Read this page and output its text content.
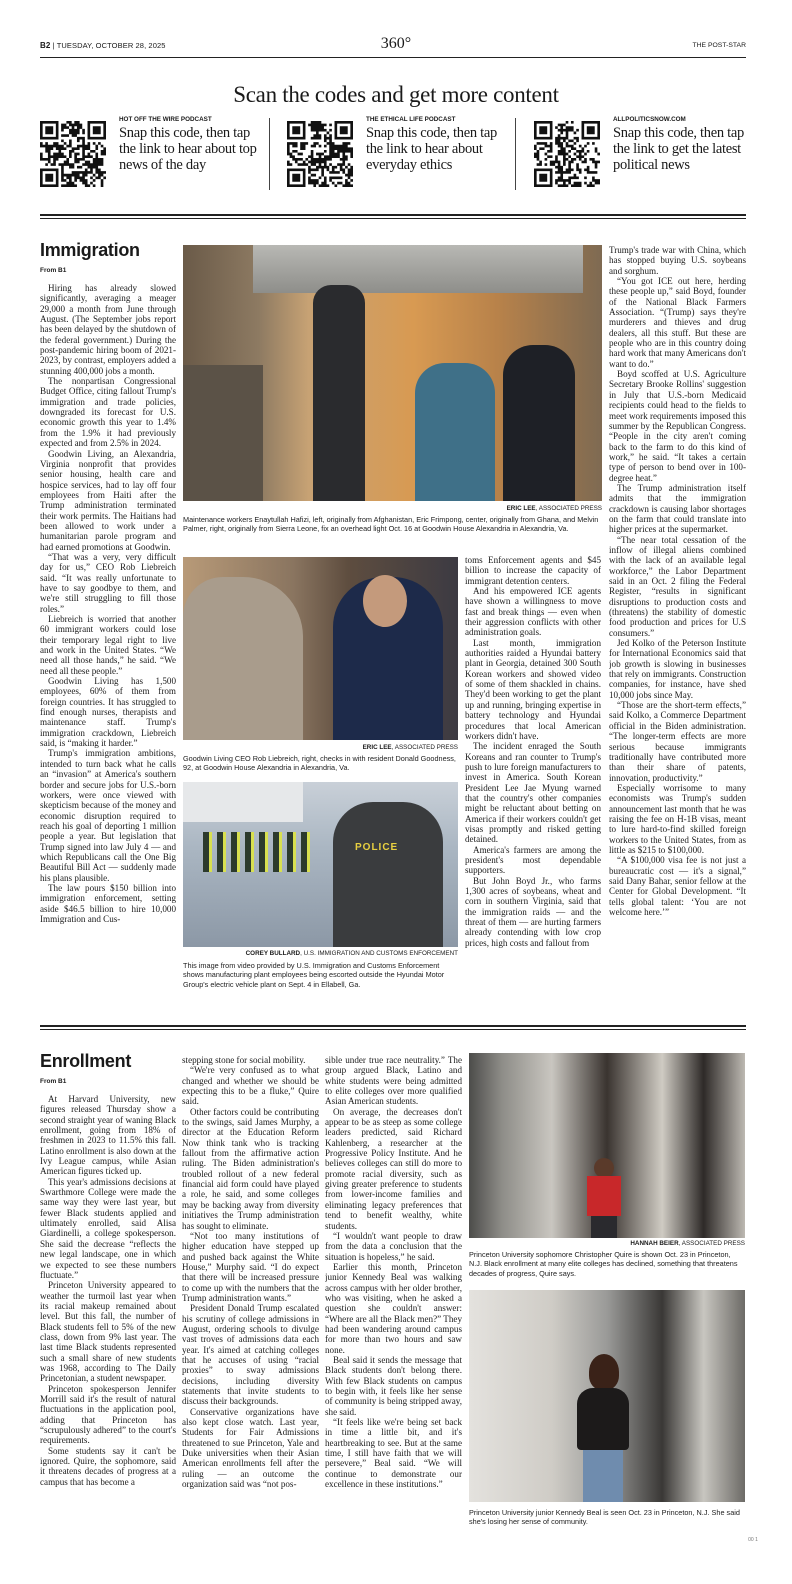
B2 | TUESDAY, OCTOBER 28, 2025	360°	THE POST-STAR
Scan the codes and get more content
HOT OFF THE WIRE PODCAST
Snap this code, then tap the link to hear about top news of the day
THE ETHICAL LIFE PODCAST
Snap this code, then tap the link to hear about everyday ethics
ALLPOLITICSNOW.COM
Snap this code, then tap the link to get the latest political news
Immigration
From B1

Hiring has already slowed significantly, averaging a meager 29,000 a month from June through August. (The September jobs report has been delayed by the shutdown of the federal government.) During the post-pandemic hiring boom of 2021-2023, by contrast, employers added a stunning 400,000 jobs a month.

The nonpartisan Congressional Budget Office, citing fallout Trump's immigration and trade policies, downgraded its forecast for U.S. economic growth this year to 1.4% from the 1.9% it had previously expected and from 2.5% in 2024.

Goodwin Living, an Alexandria, Virginia nonprofit that provides senior housing, health care and hospice services, had to lay off four employees from Haiti after the Trump administration terminated their work permits. The Haitians had been allowed to work under a humanitarian parole program and had earned promotions at Goodwin.

“That was a very, very difficult day for us,” CEO Rob Liebreich said. “It was really unfortunate to have to say goodbye to them, and we're still struggling to fill those roles.”

Liebreich is worried that another 60 immigrant workers could lose their temporary legal right to live and work in the United States. “We need all those hands,” he said. “We need all these people.”

Goodwin Living has 1,500 employees, 60% of them from foreign countries. It has struggled to find enough nurses, therapists and maintenance staff. Trump's immigration crackdown, Liebreich said, is “making it harder.”

Trump's immigration ambitions, intended to turn back what he calls an “invasion” at America's southern border and secure jobs for U.S.-born workers, were once viewed with skepticism because of the money and economic disruption required to reach his goal of deporting 1 million people a year. But legislation that Trump signed into law July 4 — and which Republicans call the One Big Beautiful Bill Act — suddenly made his plans plausible.

The law pours $150 billion into immigration enforcement, setting aside $46.5 billion to hire 10,000 Immigration and Cus-

ERIC LEE, ASSOCIATED PRESS
Maintenance workers Enaytullah Hafizi, left, originally from Afghanistan, Eric Frimpong, center, originally from Ghana, and Melvin Palmer, right, originally from Sierra Leone, fix an overhead light Oct. 16 at Goodwin House Alexandria in Alexandria, Va.
ERIC LEE, ASSOCIATED PRESS
Goodwin Living CEO Rob Liebreich, right, checks in with resident Donald Goodness, 92, at Goodwin House Alexandria in Alexandria, Va.
POLICE
COREY BULLARD, U.S. IMMIGRATION AND CUSTOMS ENFORCEMENT
This image from video provided by U.S. Immigration and Customs Enforcement shows manufacturing plant employees being escorted outside the Hyundai Motor Group's electric vehicle plant on Sept. 4 in Ellabell, Ga.

toms Enforcement agents and $45 billion to increase the capacity of immigrant detention centers.

And his empowered ICE agents have shown a willingness to move fast and break things — even when their aggression conflicts with other administration goals.

Last month, immigration authorities raided a Hyundai battery plant in Georgia, detained 300 South Korean workers and showed video of some of them shackled in chains. They'd been working to get the plant up and running, bringing expertise in battery technology and Hyundai procedures that local American workers didn't have.

The incident enraged the South Koreans and ran counter to Trump's push to lure foreign manufacturers to invest in America. South Korean President Lee Jae Myung warned that the country's other companies might be reluctant about betting on America if their workers couldn't get visas promptly and risked getting detained.

America's farmers are among the president's most dependable supporters.

But John Boyd Jr., who farms 1,300 acres of soybeans, wheat and corn in southern Virginia, said that the immigration raids — and the threat of them — are hurting farmers already contending with low crop prices, high costs and fallout from

Trump's trade war with China, which has stopped buying U.S. soybeans and sorghum.

“You got ICE out here, herding these people up,” said Boyd, founder of the National Black Farmers Association. “(Trump) says they're murderers and thieves and drug dealers, all this stuff. But these are people who are in this country doing hard work that many Americans don't want to do.”

Boyd scoffed at U.S. Agriculture Secretary Brooke Rollins' suggestion in July that U.S.-born Medicaid recipients could head to the fields to meet work requirements imposed this summer by the Republican Congress. “People in the city aren't coming back to the farm to do this kind of work,” he said. “It takes a certain type of person to bend over in 100-degree heat.”

The Trump administration itself admits that the immigration crackdown is causing labor shortages on the farm that could translate into higher prices at the supermarket.

“The near total cessation of the inflow of illegal aliens combined with the lack of an available legal workforce,” the Labor Department said in an Oct. 2 filing the Federal Register, “results in significant disruptions to production costs and (threatens) the stability of domestic food production and prices for U.S consumers.”

Jed Kolko of the Peterson Institute for International Economics said that job growth is slowing in businesses that rely on immigrants. Construction companies, for instance, have shed 10,000 jobs since May.

“Those are the short-term effects,” said Kolko, a Commerce Department official in the Biden administration. “The longer-term effects are more serious because immigrants traditionally have contributed more than their share of patents, innovation, productivity.”

Especially worrisome to many economists was Trump's sudden announcement last month that he was raising the fee on H-1B visas, meant to lure hard-to-find skilled foreign workers to the United States, from as little as $215 to $100,000.

“A $100,000 visa fee is not just a bureaucratic cost — it's a signal,” said Dany Bahar, senior fellow at the Center for Global Development. “It tells global talent: ‘You are not welcome here.’”

Enrollment
From B1

At Harvard University, new figures released Thursday show a second straight year of waning Black enrollment, going from 18% of freshmen in 2023 to 11.5% this fall. Latino enrollment is also down at the Ivy League campus, while Asian American figures ticked up.

This year's admissions decisions at Swarthmore College were made the same way they were last year, but fewer Black students applied and ultimately enrolled, said Alisa Giardinelli, a college spokesperson. She said the decrease “reflects the new legal landscape, one in which we expected to see these numbers fluctuate.”

Princeton University appeared to weather the turmoil last year when its racial makeup remained about level. But this fall, the number of Black students fell to 5% of the new class, down from 9% last year. The last time Black students represented such a small share of new students was 1968, according to The Daily Princetonian, a student newspaper.

Princeton spokesperson Jennifer Morrill said it's the result of natural fluctuations in the application pool, adding that Princeton has “scrupulously adhered” to the court's requirements.

Some students say it can't be ignored. Quire, the sophomore, said it threatens decades of progress at a campus that has become a

stepping stone for social mobility.

“We're very confused as to what changed and whether we should be expecting this to be a fluke,” Quire said.

Other factors could be contributing to the swings, said James Murphy, a director at the Education Reform Now think tank who is tracking fallout from the affirmative action ruling. The Biden administration's troubled rollout of a new federal financial aid form could have played a role, he said, and some colleges may be backing away from diversity initiatives the Trump administration has sought to eliminate.

“Not too many institutions of higher education have stepped up and pushed back against the White House,” Murphy said. “I do expect that there will be increased pressure to come up with the numbers that the Trump administration wants.”

President Donald Trump escalated his scrutiny of college admissions in August, ordering schools to divulge vast troves of admissions data each year. It's aimed at catching colleges that he accuses of using “racial proxies” to sway admissions decisions, including diversity statements that invite students to discuss their backgrounds.

Conservative organizations have also kept close watch. Last year, Students for Fair Admissions threatened to sue Princeton, Yale and Duke universities when their Asian American enrollments fell after the ruling — an outcome the organization said was “not pos-

sible under true race neutrality.” The group argued Black, Latino and white students were being admitted to elite colleges over more qualified Asian American students.

On average, the decreases don't appear to be as steep as some college leaders predicted, said Richard Kahlenberg, a researcher at the Progressive Policy Institute. And he believes colleges can still do more to promote racial diversity, such as giving greater preference to students from lower-income families and eliminating legacy preferences that tend to benefit wealthy, white students.

“I wouldn't want people to draw from the data a conclusion that the situation is hopeless,” he said.

Earlier this month, Princeton junior Kennedy Beal was walking across campus with her older brother, who was visiting, when he asked a question she couldn't answer: “Where are all the Black men?” They had been wandering around campus for more than two hours and saw none.

Beal said it sends the message that Black students don't belong there. With few Black students on campus to begin with, it feels like her sense of community is being stripped away, she said.

“It feels like we're being set back in time a little bit, and it's heartbreaking to see. But at the same time, I still have faith that we will persevere,” Beal said. “We will continue to demonstrate our excellence in these institutions.”

HANNAH BEIER, ASSOCIATED PRESS
Princeton University sophomore Christopher Quire is shown Oct. 23 in Princeton, N.J. Black enrollment at many elite colleges has declined, something that threatens decades of progress, Quire says.
Princeton University junior Kennedy Beal is seen Oct. 23 in Princeton, N.J. She said she's losing her sense of community.
00 1
